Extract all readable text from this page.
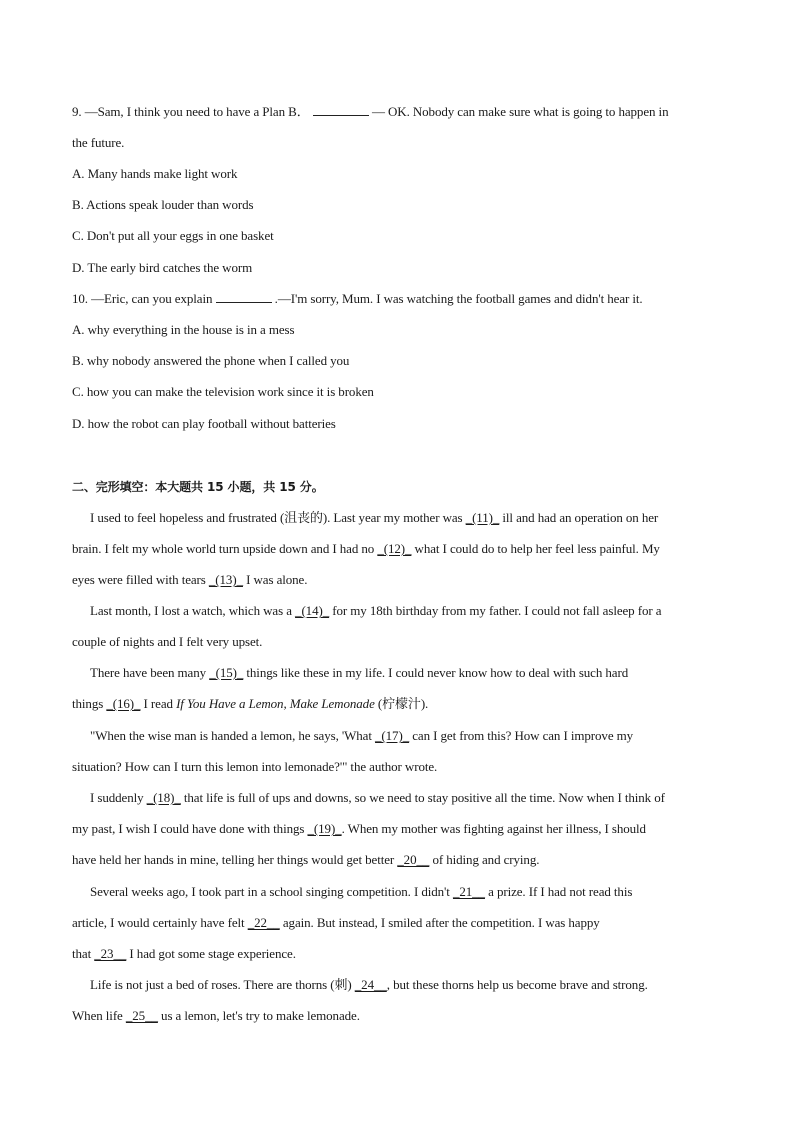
9. —Sam, I think you need to have a Plan B．	— OK. Nobody can make sure what is going to happen in
the future.
A. Many hands make light work
B. Actions speak louder than words
C. Don't put all your eggs in one basket
D. The early bird catches the worm
10. —Eric, can you explain	.—I'm sorry, Mum. I was watching the football games and didn't hear it.
A. why everything in the house is in a mess
B. why nobody answered the phone when I called you
C. how you can make the television work since it is broken
D. how the robot can play football without batteries
二、完形填空：本大题共 15 小题，共 15 分。
I used to feel hopeless and frustrated (沮丧的). Last year my mother was _(11)_ ill and had an operation on her
brain. I felt my whole world turn upside down and I had no _(12)_ what I could do to help her feel less painful. My
eyes were filled with tears _(13)_ I was alone.
Last month, I lost a watch, which was a _(14)_ for my 18th birthday from my father. I could not fall asleep for a
couple of nights and I felt very upset.
There have been many _(15)_ things like these in my life. I could never know how to deal with such hard
things _(16)_ I read If You Have a Lemon, Make Lemonade (柠檬汁).
"When the wise man is handed a lemon, he says, 'What _(17)_ can I get from this? How can I improve my
situation? How can I turn this lemon into lemonade?'" the author wrote.
I suddenly _(18)_ that life is full of ups and downs, so we need to stay positive all the time. Now when I think of
my past, I wish I could have done with things _(19)_. When my mother was fighting against her illness, I should
have held her hands in mine, telling her things would get better _20__ of hiding and crying.
Several weeks ago, I took part in a school singing competition. I didn't _21__ a prize. If I had not read this
article, I would certainly have felt _22__ again. But instead, I smiled after the competition. I was happy
that _23__ I had got some stage experience.
Life is not just a bed of roses. There are thorns (刺) _24__, but these thorns help us become brave and strong.
When life _25__ us a lemon, let's try to make lemonade.
